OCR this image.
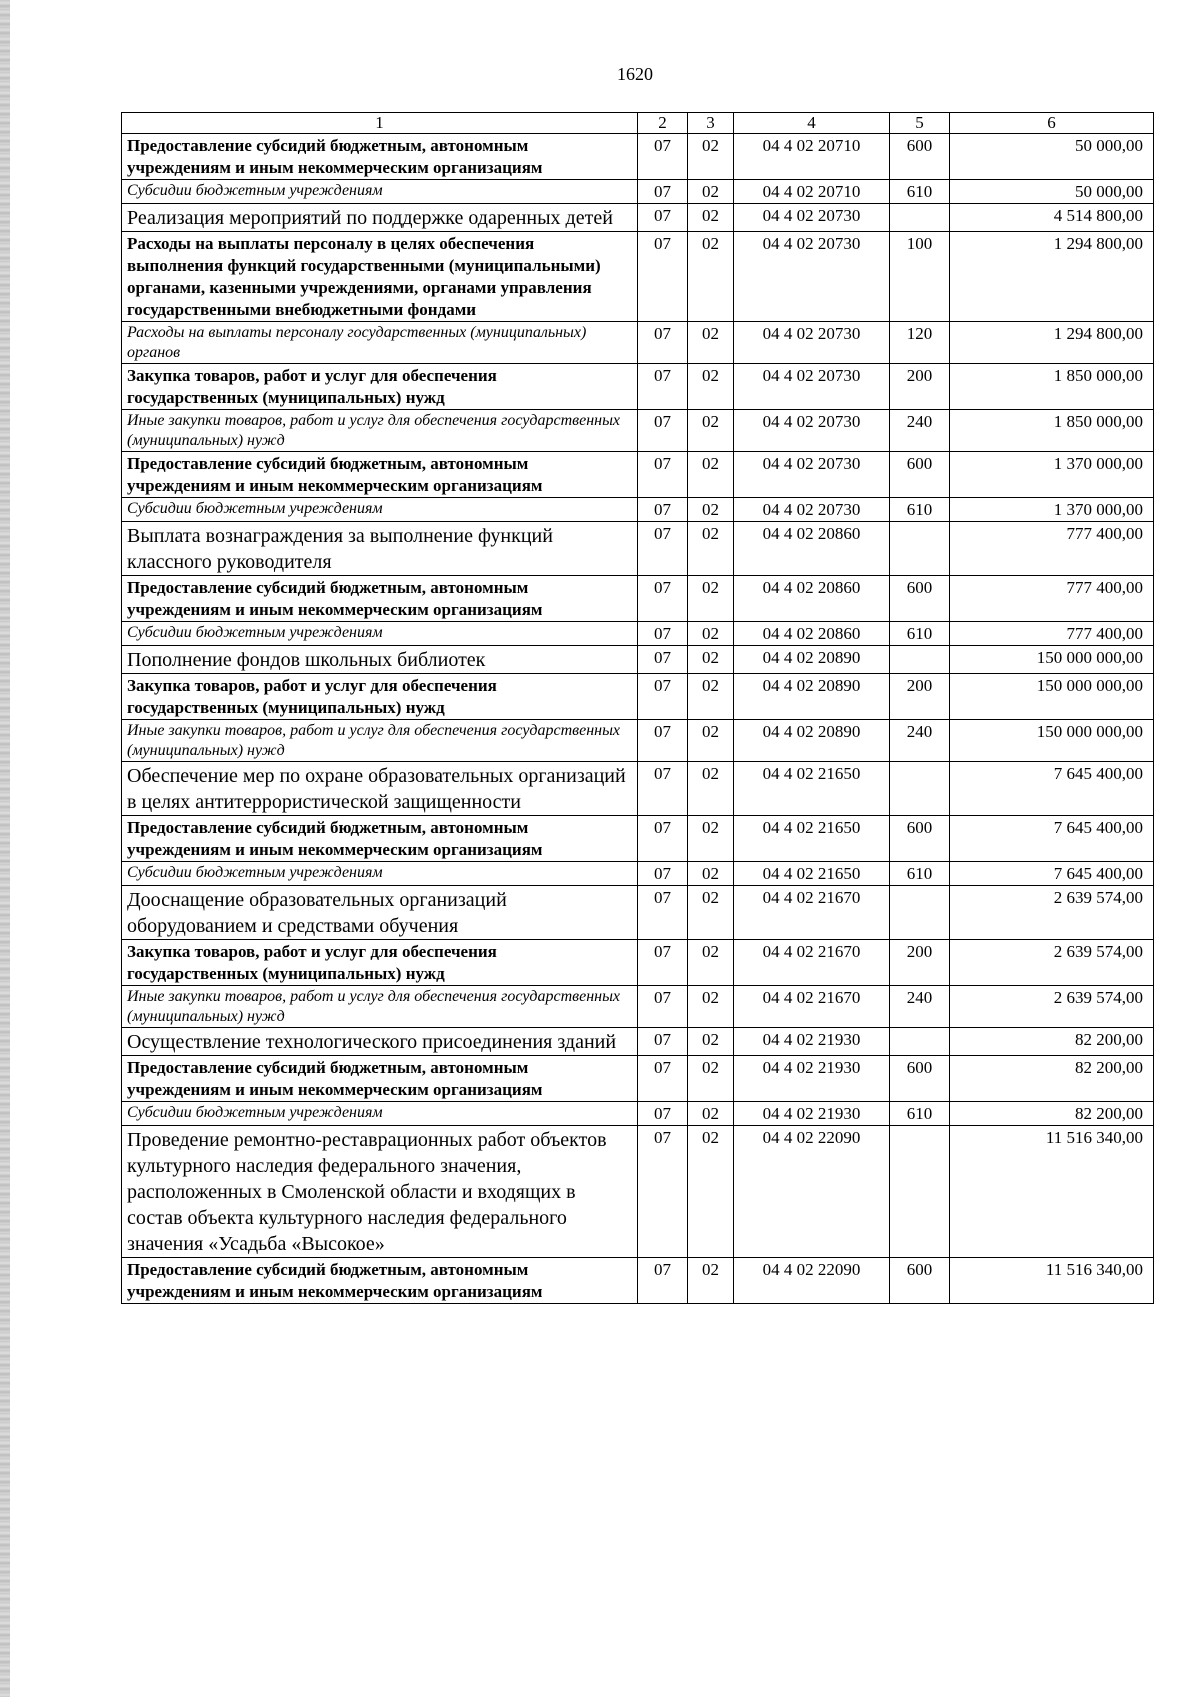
1620
1	2	3	4	5	6
Предоставление субсидий бюджетным, автономным учреждениям и иным некоммерческим организациям	07	02	04 4 02 20710	600	50 000,00
Субсидии бюджетным учреждениям	07	02	04 4 02 20710	610	50 000,00
Реализация мероприятий по поддержке одаренных детей	07	02	04 4 02 20730		4 514 800,00
Расходы на выплаты персоналу в целях обеспечения выполнения функций государственными (муниципальными) органами, казенными учреждениями, органами управления государственными внебюджетными фондами	07	02	04 4 02 20730	100	1 294 800,00
Расходы на выплаты персоналу государственных (муниципальных) органов	07	02	04 4 02 20730	120	1 294 800,00
Закупка товаров, работ и услуг для обеспечения государственных (муниципальных) нужд	07	02	04 4 02 20730	200	1 850 000,00
Иные закупки товаров, работ и услуг для обеспечения государственных (муниципальных) нужд	07	02	04 4 02 20730	240	1 850 000,00
Предоставление субсидий бюджетным, автономным учреждениям и иным некоммерческим организациям	07	02	04 4 02 20730	600	1 370 000,00
Субсидии бюджетным учреждениям	07	02	04 4 02 20730	610	1 370 000,00
Выплата вознаграждения за выполнение функций классного руководителя	07	02	04 4 02 20860		777 400,00
Предоставление субсидий бюджетным, автономным учреждениям и иным некоммерческим организациям	07	02	04 4 02 20860	600	777 400,00
Субсидии бюджетным учреждениям	07	02	04 4 02 20860	610	777 400,00
Пополнение фондов школьных библиотек	07	02	04 4 02 20890		150 000 000,00
Закупка товаров, работ и услуг для обеспечения государственных (муниципальных) нужд	07	02	04 4 02 20890	200	150 000 000,00
Иные закупки товаров, работ и услуг для обеспечения государственных (муниципальных) нужд	07	02	04 4 02 20890	240	150 000 000,00
Обеспечение мер по охране образовательных организаций в целях антитеррористической защищенности	07	02	04 4 02 21650		7 645 400,00
Предоставление субсидий бюджетным, автономным учреждениям и иным некоммерческим организациям	07	02	04 4 02 21650	600	7 645 400,00
Субсидии бюджетным учреждениям	07	02	04 4 02 21650	610	7 645 400,00
Дооснащение образовательных организаций оборудованием и средствами обучения	07	02	04 4 02 21670		2 639 574,00
Закупка товаров, работ и услуг для обеспечения государственных (муниципальных) нужд	07	02	04 4 02 21670	200	2 639 574,00
Иные закупки товаров, работ и услуг для обеспечения государственных (муниципальных) нужд	07	02	04 4 02 21670	240	2 639 574,00
Осуществление технологического присоединения зданий	07	02	04 4 02 21930		82 200,00
Предоставление субсидий бюджетным, автономным учреждениям и иным некоммерческим организациям	07	02	04 4 02 21930	600	82 200,00
Субсидии бюджетным учреждениям	07	02	04 4 02 21930	610	82 200,00
Проведение ремонтно-реставрационных работ объектов культурного наследия федерального значения, расположенных в Смоленской области и входящих в состав объекта культурного наследия федерального значения «Усадьба «Высокое»	07	02	04 4 02 22090		11 516 340,00
Предоставление субсидий бюджетным, автономным учреждениям и иным некоммерческим организациям	07	02	04 4 02 22090	600	11 516 340,00
